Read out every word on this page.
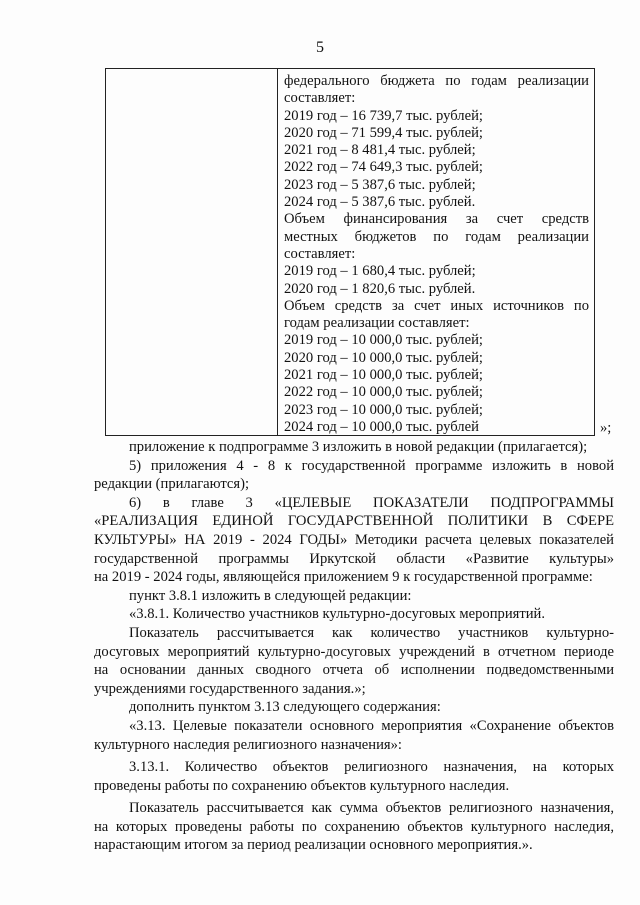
5
федерального бюджета по годам реализации
составляет:
2019 год – 16 739,7 тыс. рублей;
2020 год – 71 599,4 тыс. рублей;
2021 год – 8 481,4 тыс. рублей;
2022 год – 74 649,3 тыс. рублей;
2023 год – 5 387,6 тыс. рублей;
2024 год – 5 387,6 тыс. рублей.
Объем финансирования за счет средств
местных бюджетов по годам реализации
составляет:
2019 год – 1 680,4 тыс. рублей;
2020 год – 1 820,6 тыс. рублей.
Объем средств за счет иных источников по
годам реализации составляет:
2019 год – 10 000,0 тыс. рублей;
2020 год – 10 000,0 тыс. рублей;
2021 год – 10 000,0 тыс. рублей;
2022 год – 10 000,0 тыс. рублей;
2023 год – 10 000,0 тыс. рублей;
2024 год – 10 000,0 тыс. рублей	»;
приложение к подпрограмме 3 изложить в новой редакции (прилагается);
5) приложения 4 - 8 к государственной программе изложить в новой
редакции (прилагаются);
6) в главе 3 «ЦЕЛЕВЫЕ ПОКАЗАТЕЛИ ПОДПРОГРАММЫ
«РЕАЛИЗАЦИЯ ЕДИНОЙ ГОСУДАРСТВЕННОЙ ПОЛИТИКИ В СФЕРЕ
КУЛЬТУРЫ» НА 2019 - 2024 ГОДЫ» Методики расчета целевых показателей
государственной программы Иркутской области «Развитие культуры»
на 2019 - 2024 годы, являющейся приложением 9 к государственной программе:
пункт 3.8.1 изложить в следующей редакции:
«3.8.1. Количество участников культурно-досуговых мероприятий.
Показатель рассчитывается как количество участников культурно-
досуговых мероприятий культурно-досуговых учреждений в отчетном периоде
на основании данных сводного отчета об исполнении подведомственными
учреждениями государственного задания.»;
дополнить пунктом 3.13 следующего содержания:
«3.13. Целевые показатели основного мероприятия «Сохранение объектов
культурного наследия религиозного назначения»:
3.13.1. Количество объектов религиозного назначения, на которых
проведены работы по сохранению объектов культурного наследия.
Показатель рассчитывается как сумма объектов религиозного назначения,
на которых проведены работы по сохранению объектов культурного наследия,
нарастающим итогом за период реализации основного мероприятия.».
